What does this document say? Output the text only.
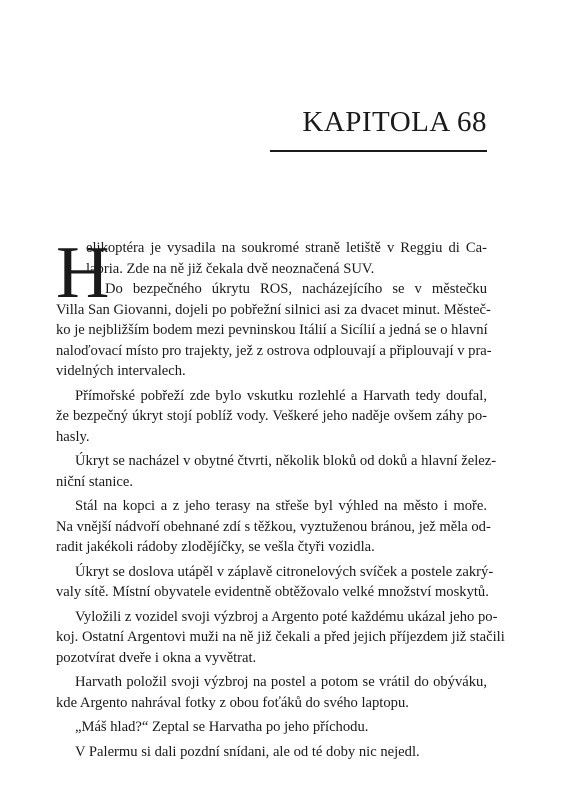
KAPITOLA 68
H
elikoptéra je vysadila na soukromé straně letiště v Reggiu di Ca-
labria. Zde na ně již čekala dvě neoznačená SUV.
Do bezpečného úkrytu ROS, nacházejícího se v městečku
Villa San Giovanni, dojeli po pobřežní silnici asi za dvacet minut. Městeč-
ko je nejbližším bodem mezi pevninskou Itálií a Sicílií a jedná se o hlavní
naloďovací místo pro trajekty, jež z ostrova odplouvají a připlouvají v pra-
videlných intervalech.
Přímořské pobřeží zde bylo vskutku rozlehlé a Harvath tedy doufal,
že bezpečný úkryt stojí poblíž vody. Veškeré jeho naděje ovšem záhy po-
hasly.
Úkryt se nacházel v obytné čtvrti, několik bloků od doků a hlavní želez-
niční stanice.
Stál na kopci a z jeho terasy na střeše byl výhled na město i moře.
Na vnější nádvoří obehnané zdí s těžkou, vyztuženou bránou, jež měla od-
radit jakékoli rádoby zlodějíčky, se vešla čtyři vozidla.
Úkryt se doslova utápěl v záplavě citronelových svíček a postele zakrý-
valy sítě. Místní obyvatele evidentně obtěžovalo velké množství moskytů.
Vyložili z vozidel svoji výzbroj a Argento poté každému ukázal jeho po-
koj. Ostatní Argentovi muži na ně již čekali a před jejich příjezdem již stačili
pozotvírat dveře i okna a vyvětrat.
Harvath položil svoji výzbroj na postel a potom se vrátil do obýváku,
kde Argento nahrával fotky z obou foťáků do svého laptopu.
„Máš hlad?“ Zeptal se Harvatha po jeho příchodu.
V Palermu si dali pozdní snídani, ale od té doby nic nejedl.
